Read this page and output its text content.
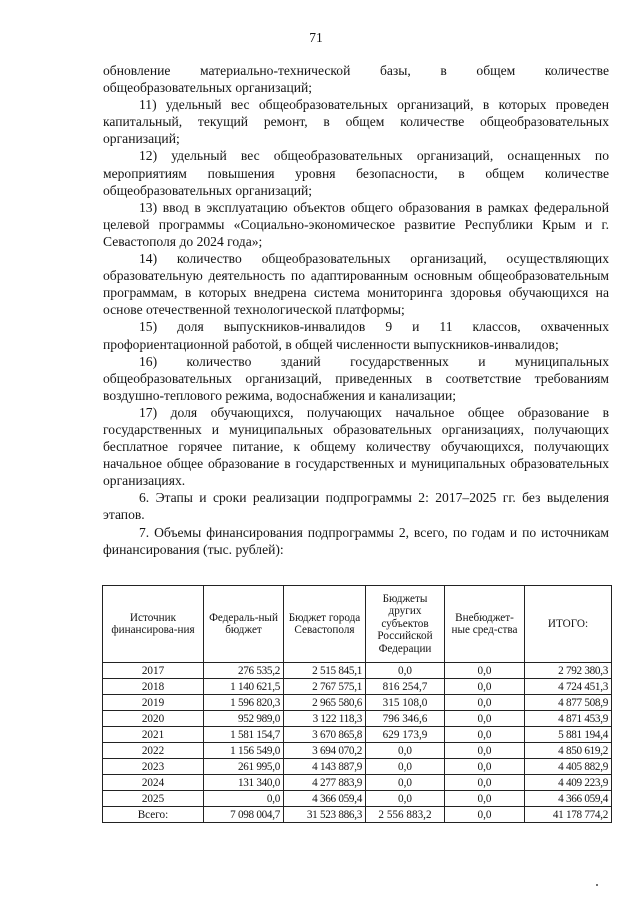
71

обновление материально-технической базы, в общем количестве общеобразовательных организаций;

11) удельный вес общеобразовательных организаций, в которых проведен капитальный, текущий ремонт, в общем количестве общеобразовательных организаций;

12) удельный вес общеобразовательных организаций, оснащенных по мероприятиям повышения уровня безопасности, в общем количестве общеобразовательных организаций;

13) ввод в эксплуатацию объектов общего образования в рамках федеральной целевой программы «Социально-экономическое развитие Республики Крым и г. Севастополя до 2024 года»;

14) количество общеобразовательных организаций, осуществляющих образовательную деятельность по адаптированным основным общеобразовательным программам, в которых внедрена система мониторинга здоровья обучающихся на основе отечественной технологической платформы;

15) доля выпускников-инвалидов 9 и 11 классов, охваченных профориентационной работой, в общей численности выпускников-инвалидов;

16) количество зданий государственных и муниципальных общеобразовательных организаций, приведенных в соответствие требованиям воздушно-теплового режима, водоснабжения и канализации;

17) доля обучающихся, получающих начальное общее образование в государственных и муниципальных образовательных организациях, получающих бесплатное горячее питание, к общему количеству обучающихся, получающих начальное общее образование в государственных и муниципальных образовательных организациях.

6. Этапы и сроки реализации подпрограммы 2: 2017–2025 гг. без выделения этапов.

7. Объемы финансирования подпрограммы 2, всего, по годам и по источникам финансирования (тыс. рублей):

Источник финансирова-ния	Федераль-ный бюджет	Бюджет города Севастополя	Бюджеты других субъектов Российской Федерации	Внебюджет-ные сред-ства	ИТОГО:
2017	276 535,2	2 515 845,1	0,0	0,0	2 792 380,3
2018	1 140 621,5	2 767 575,1	816 254,7	0,0	4 724 451,3
2019	1 596 820,3	2 965 580,6	315 108,0	0,0	4 877 508,9
2020	952 989,0	3 122 118,3	796 346,6	0,0	4 871 453,9
2021	1 581 154,7	3 670 865,8	629 173,9	0,0	5 881 194,4
2022	1 156 549,0	3 694 070,2	0,0	0,0	4 850 619,2
2023	261 995,0	4 143 887,9	0,0	0,0	4 405 882,9
2024	131 340,0	4 277 883,9	0,0	0,0	4 409 223,9
2025	0,0	4 366 059,4	0,0	0,0	4 366 059,4
Всего:	7 098 004,7	31 523 886,3	2 556 883,2	0,0	41 178 774,2
